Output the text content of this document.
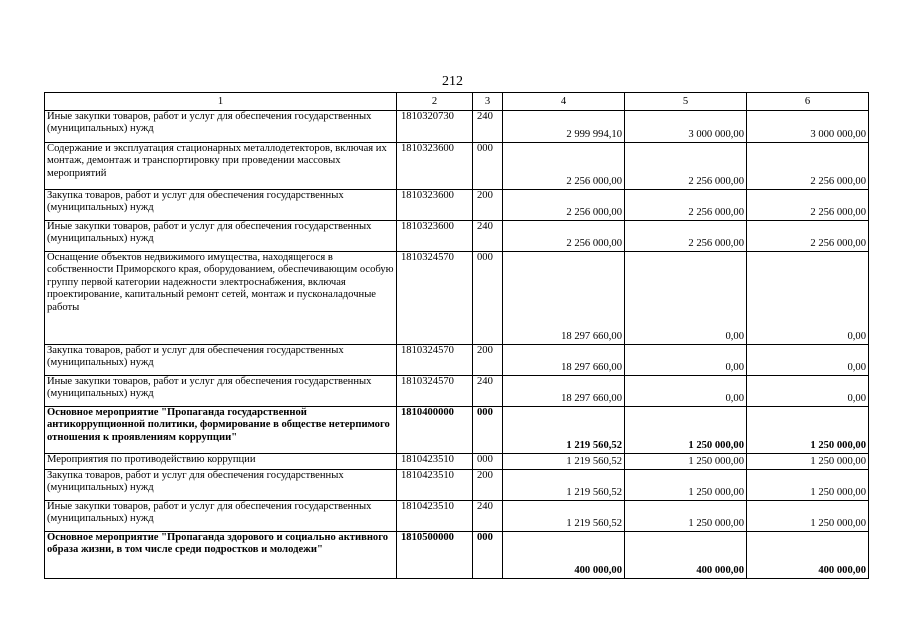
212
1	2	3	4	5	6
Иные закупки товаров, работ и услуг для обеспечения государственных (муниципальных) нужд	1810320730	240	2 999 994,10	3 000 000,00	3 000 000,00
Содержание и эксплуатация стационарных металлодетекторов, включая их монтаж, демонтаж и транспортировку при проведении массовых мероприятий	1810323600	000	2 256 000,00	2 256 000,00	2 256 000,00
Закупка товаров, работ и услуг для обеспечения государственных (муниципальных) нужд	1810323600	200	2 256 000,00	2 256 000,00	2 256 000,00
Иные закупки товаров, работ и услуг для обеспечения государственных (муниципальных) нужд	1810323600	240	2 256 000,00	2 256 000,00	2 256 000,00
Оснащение объектов недвижимого имущества, находящегося в собственности Приморского края, оборудованием, обеспечивающим особую группу первой категории надежности электроснабжения, включая проектирование, капитальный ремонт сетей, монтаж и пусконаладочные работы	1810324570	000	18 297 660,00	0,00	0,00
Закупка товаров, работ и услуг для обеспечения государственных (муниципальных) нужд	1810324570	200	18 297 660,00	0,00	0,00
Иные закупки товаров, работ и услуг для обеспечения государственных (муниципальных) нужд	1810324570	240	18 297 660,00	0,00	0,00
Основное мероприятие "Пропаганда государственной антикоррупционной политики, формирование в обществе нетерпимого отношения к проявлениям коррупции"	1810400000	000	1 219 560,52	1 250 000,00	1 250 000,00
Мероприятия по противодействию коррупции	1810423510	000	1 219 560,52	1 250 000,00	1 250 000,00
Закупка товаров, работ и услуг для обеспечения государственных (муниципальных) нужд	1810423510	200	1 219 560,52	1 250 000,00	1 250 000,00
Иные закупки товаров, работ и услуг для обеспечения государственных (муниципальных) нужд	1810423510	240	1 219 560,52	1 250 000,00	1 250 000,00
Основное мероприятие "Пропаганда здорового и социально активного образа жизни, в том числе среди подростков и молодежи"	1810500000	000	400 000,00	400 000,00	400 000,00
